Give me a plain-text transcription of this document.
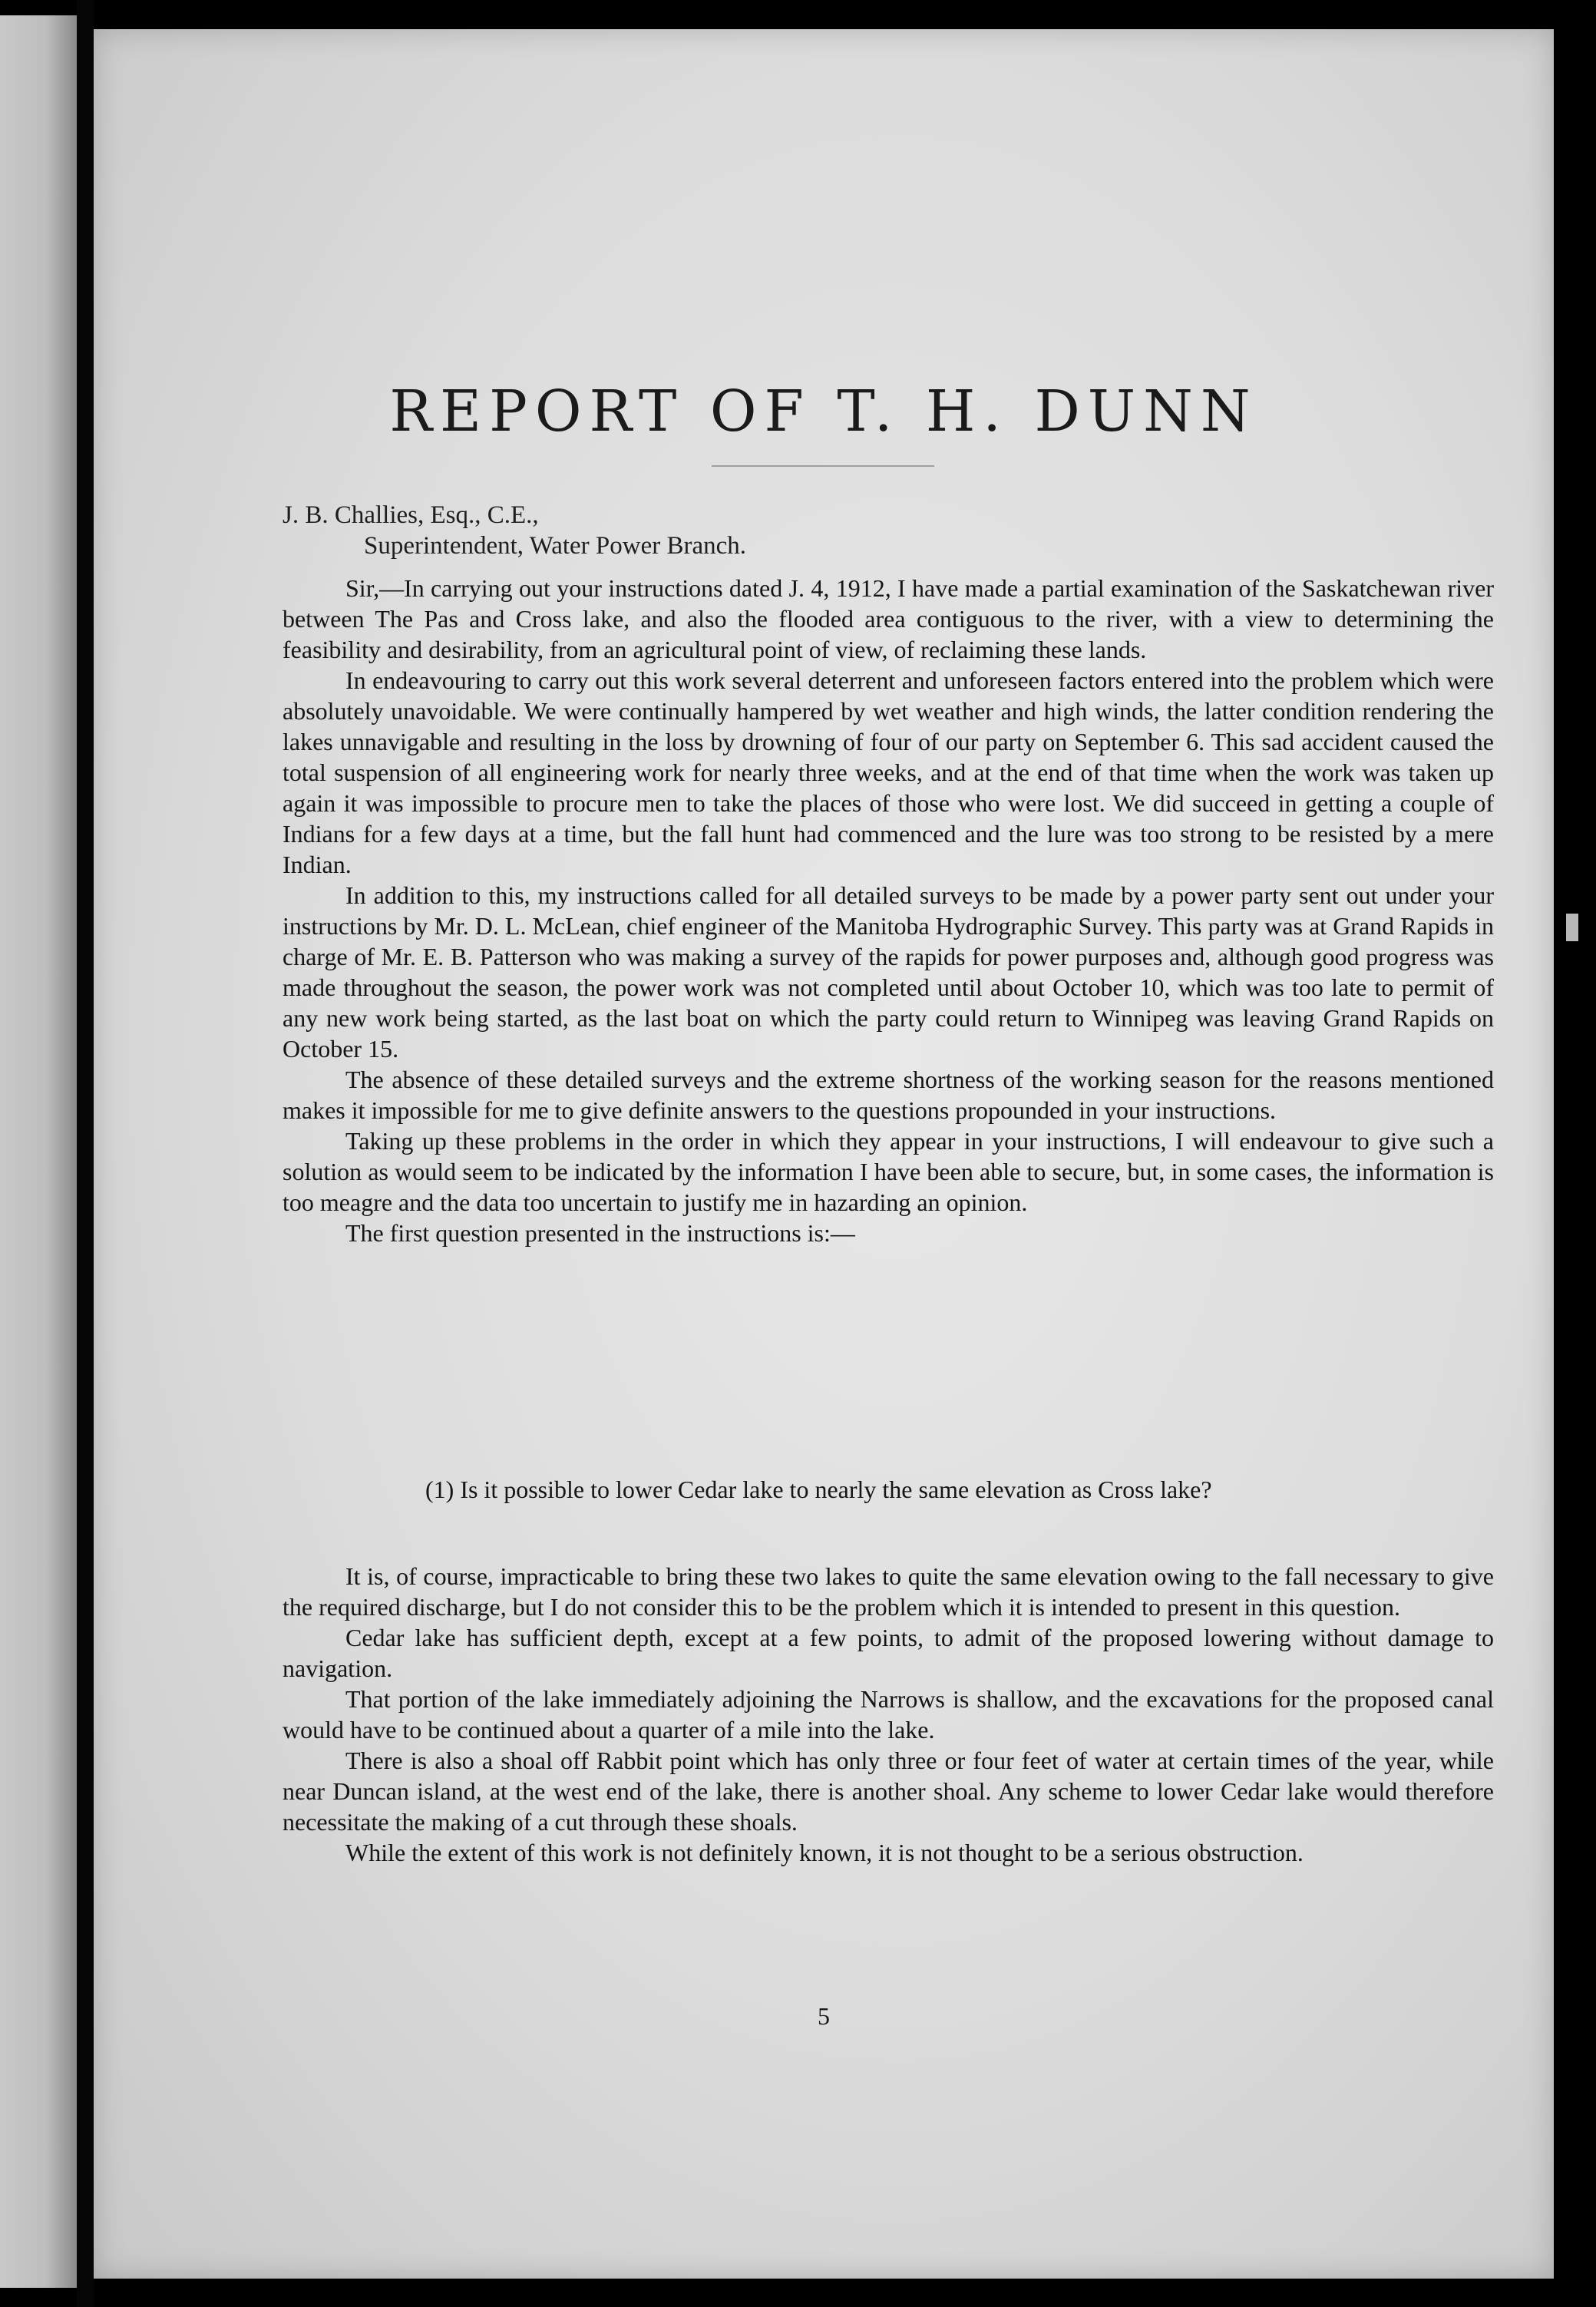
REPORT OF T. H. DUNN
J. B. Challies, Esq., C.E.,
Superintendent, Water Power Branch.

Sir,—In carrying out your instructions dated J. 4, 1912, I have made a partial examination of the Saskatchewan river between The Pas and Cross lake, and also the flooded area contiguous to the river, with a view to determining the feasibility and desirability, from an agricultural point of view, of reclaiming these lands.

In endeavouring to carry out this work several deterrent and unforeseen factors entered into the problem which were absolutely unavoidable. We were continually hampered by wet weather and high winds, the latter condition rendering the lakes unnavigable and resulting in the loss by drowning of four of our party on September 6. This sad accident caused the total suspension of all engineering work for nearly three weeks, and at the end of that time when the work was taken up again it was impossible to procure men to take the places of those who were lost. We did succeed in getting a couple of Indians for a few days at a time, but the fall hunt had commenced and the lure was too strong to be resisted by a mere Indian.

In addition to this, my instructions called for all detailed surveys to be made by a power party sent out under your instructions by Mr. D. L. McLean, chief engineer of the Manitoba Hydrographic Survey. This party was at Grand Rapids in charge of Mr. E. B. Patterson who was making a survey of the rapids for power purposes and, although good progress was made throughout the season, the power work was not completed until about October 10, which was too late to permit of any new work being started, as the last boat on which the party could return to Winnipeg was leaving Grand Rapids on October 15.

The absence of these detailed surveys and the extreme shortness of the working season for the reasons mentioned makes it impossible for me to give definite answers to the questions propounded in your instructions.

Taking up these problems in the order in which they appear in your instructions, I will endeavour to give such a solution as would seem to be indicated by the information I have been able to secure, but, in some cases, the information is too meagre and the data too uncertain to justify me in hazarding an opinion.

The first question presented in the instructions is:—

(1) Is it possible to lower Cedar lake to nearly the same elevation as Cross lake?

It is, of course, impracticable to bring these two lakes to quite the same elevation owing to the fall necessary to give the required discharge, but I do not consider this to be the problem which it is intended to present in this question.

Cedar lake has sufficient depth, except at a few points, to admit of the proposed lowering without damage to navigation.

That portion of the lake immediately adjoining the Narrows is shallow, and the excavations for the proposed canal would have to be continued about a quarter of a mile into the lake.

There is also a shoal off Rabbit point which has only three or four feet of water at certain times of the year, while near Duncan island, at the west end of the lake, there is another shoal. Any scheme to lower Cedar lake would therefore necessitate the making of a cut through these shoals.

While the extent of this work is not definitely known, it is not thought to be a serious obstruction.

5
